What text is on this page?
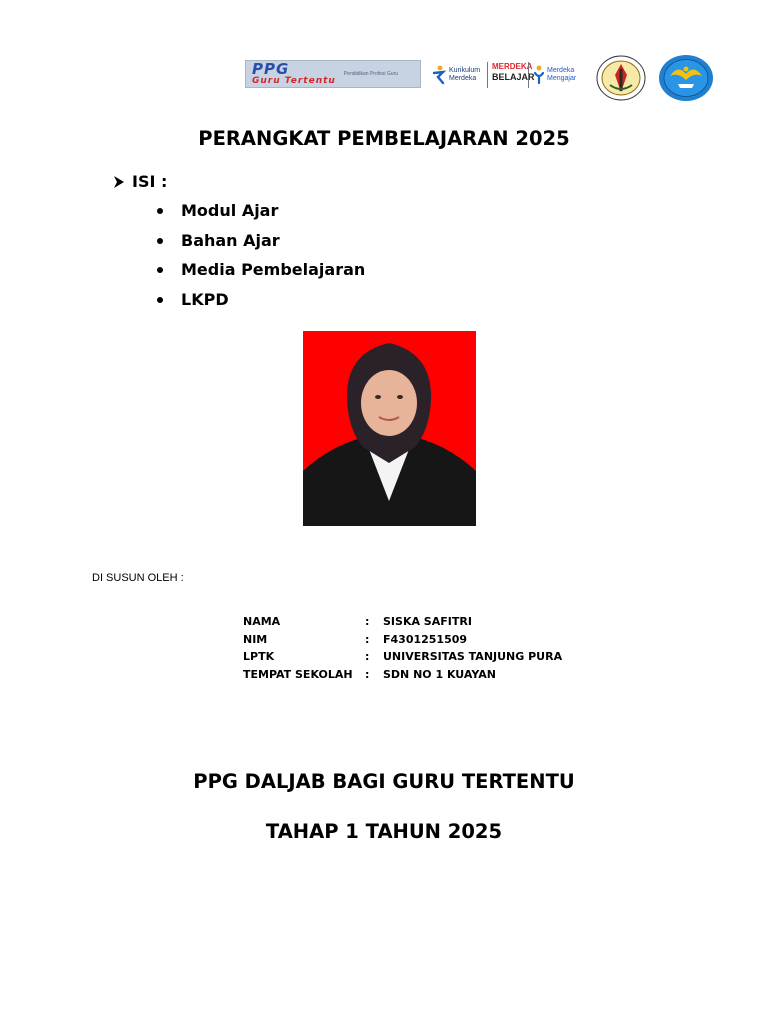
PPG
Guru Tertentu
Pendidikan Profesi Guru	Kurikulum
Merdeka
MERDEKA
BELAJAR
Merdeka
Mengajar
PERANGKAT PEMBELAJARAN 2025
ISI :
Modul Ajar
Bahan Ajar
Media Pembelajaran
LKPD
DI SUSUN OLEH :
NAMA	:	SISKA SAFITRI
NIM	:	F4301251509
LPTK	:	UNIVERSITAS TANJUNG PURA
TEMPAT SEKOLAH	:	SDN NO 1 KUAYAN
PPG DALJAB BAGI GURU TERTENTU
TAHAP 1 TAHUN 2025
